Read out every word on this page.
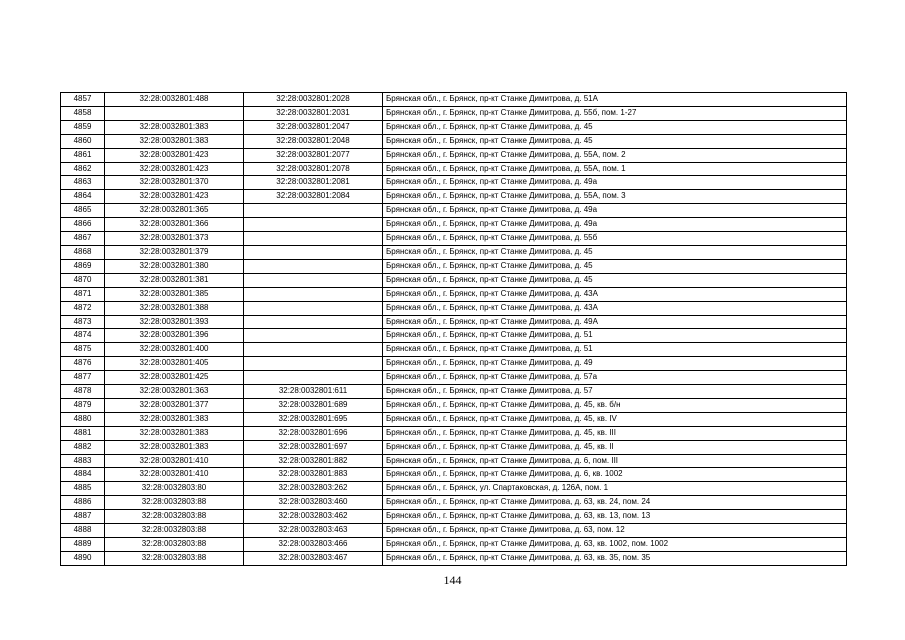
4857	32:28:0032801:488	32:28:0032801:2028	Брянская обл., г. Брянск, пр-кт Станке Димитрова, д. 51А
4858		32:28:0032801:2031	Брянская обл., г. Брянск, пр-кт Станке Димитрова, д. 55б, пом. 1-27
4859	32:28:0032801:383	32:28:0032801:2047	Брянская обл., г. Брянск, пр-кт Станке Димитрова, д. 45
4860	32:28:0032801:383	32:28:0032801:2048	Брянская обл., г. Брянск, пр-кт Станке Димитрова, д. 45
4861	32:28:0032801:423	32:28:0032801:2077	Брянская обл., г. Брянск, пр-кт Станке Димитрова, д. 55А, пом. 2
4862	32:28:0032801:423	32:28:0032801:2078	Брянская обл., г. Брянск, пр-кт Станке Димитрова, д. 55А, пом. 1
4863	32:28:0032801:370	32:28:0032801:2081	Брянская обл., г. Брянск, пр-кт Станке Димитрова, д. 49а
4864	32:28:0032801:423	32:28:0032801:2084	Брянская обл., г. Брянск, пр-кт Станке Димитрова, д. 55А, пом. 3
4865	32:28:0032801:365		Брянская обл., г. Брянск, пр-кт Станке Димитрова, д. 49а
4866	32:28:0032801:366		Брянская обл., г. Брянск, пр-кт Станке Димитрова, д. 49а
4867	32:28:0032801:373		Брянская обл., г. Брянск, пр-кт Станке Димитрова, д. 55б
4868	32:28:0032801:379		Брянская обл., г. Брянск, пр-кт Станке Димитрова, д. 45
4869	32:28:0032801:380		Брянская обл., г. Брянск, пр-кт Станке Димитрова, д. 45
4870	32:28:0032801:381		Брянская обл., г. Брянск, пр-кт Станке Димитрова, д. 45
4871	32:28:0032801:385		Брянская обл., г. Брянск, пр-кт Станке Димитрова, д. 43А
4872	32:28:0032801:388		Брянская обл., г. Брянск, пр-кт Станке Димитрова, д. 43А
4873	32:28:0032801:393		Брянская обл., г. Брянск, пр-кт Станке Димитрова, д. 49А
4874	32:28:0032801:396		Брянская обл., г. Брянск, пр-кт Станке Димитрова, д. 51
4875	32:28:0032801:400		Брянская обл., г. Брянск, пр-кт Станке Димитрова, д. 51
4876	32:28:0032801:405		Брянская обл., г. Брянск, пр-кт Станке Димитрова, д. 49
4877	32:28:0032801:425		Брянская обл., г. Брянск, пр-кт Станке Димитрова, д. 57а
4878	32:28:0032801:363	32:28:0032801:611	Брянская обл., г. Брянск, пр-кт Станке Димитрова, д. 57
4879	32:28:0032801:377	32:28:0032801:689	Брянская обл., г. Брянск, пр-кт Станке Димитрова, д. 45, кв. б/н
4880	32:28:0032801:383	32:28:0032801:695	Брянская обл., г. Брянск, пр-кт Станке Димитрова, д. 45, кв. IV
4881	32:28:0032801:383	32:28:0032801:696	Брянская обл., г. Брянск, пр-кт Станке Димитрова, д. 45, кв. III
4882	32:28:0032801:383	32:28:0032801:697	Брянская обл., г. Брянск, пр-кт Станке Димитрова, д. 45, кв. II
4883	32:28:0032801:410	32:28:0032801:882	Брянская обл., г. Брянск, пр-кт Станке Димитрова, д. 6, пом. III
4884	32:28:0032801:410	32:28:0032801:883	Брянская обл., г. Брянск, пр-кт Станке Димитрова, д. 6, кв. 1002
4885	32:28:0032803:80	32:28:0032803:262	Брянская обл., г. Брянск, ул. Спартаковская, д. 126А, пом. 1
4886	32:28:0032803:88	32:28:0032803:460	Брянская обл., г. Брянск, пр-кт Станке Димитрова, д. 63, кв. 24, пом. 24
4887	32:28:0032803:88	32:28:0032803:462	Брянская обл., г. Брянск, пр-кт Станке Димитрова, д. 63, кв. 13, пом. 13
4888	32:28:0032803:88	32:28:0032803:463	Брянская обл., г. Брянск, пр-кт Станке Димитрова, д. 63, пом. 12
4889	32:28:0032803:88	32:28:0032803:466	Брянская обл., г. Брянск, пр-кт Станке Димитрова, д. 63, кв. 1002, пом. 1002
4890	32:28:0032803:88	32:28:0032803:467	Брянская обл., г. Брянск, пр-кт Станке Димитрова, д. 63, кв. 35, пом. 35
144
